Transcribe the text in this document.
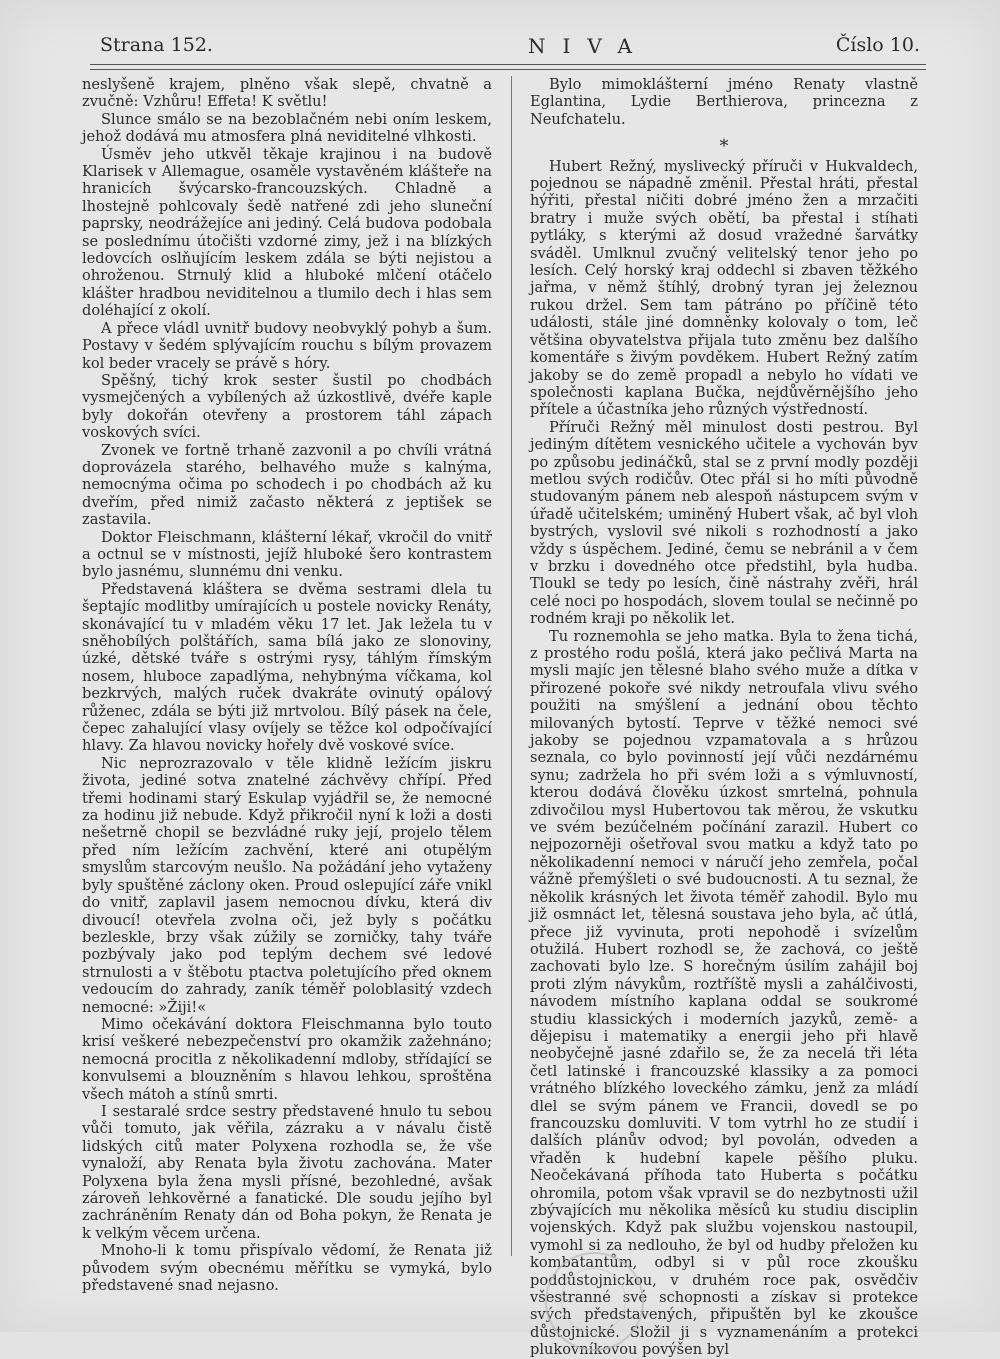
Strana 152.	NIVA	Číslo 10.

neslyšeně krajem, plněno však slepě, chvatně a zvučně: Vzhůru! Effeta! K světlu!

Slunce smálo se na bezoblačném nebi oním leskem, jehož dodává mu atmosfera plná neviditelné vlhkosti.

Úsměv jeho utkvěl těkaje krajinou i na budově Klarisek v Allemague, osaměle vystavěném klášteře na hranicích švýcarsko-francouzských. Chladně a lhostejně pohlcovaly šedě natřené zdi jeho sluneční paprsky, neodrážejíce ani jediný. Celá budova podobala se poslednímu útočišti vzdorné zimy, jež i na blízkých ledovcích oslňujícím leskem zdála se býti nejistou a ohroženou. Strnulý klid a hluboké mlčení otáčelo klášter hradbou neviditelnou a tlumilo dech i hlas sem doléhající z okolí.

A přece vládl uvnitř budovy neobvyklý pohyb a šum. Postavy v šedém splývajícím rouchu s bílým provazem kol beder vracely se právě s hóry.

Spěšný, tichý krok sester šustil po chodbách vysmejčených a vybílených až úzkostlivě, dvéře kaple byly dokořán otevřeny a prostorem táhl zápach voskových svíci.

Zvonek ve fortně trhaně zazvonil a po chvíli vrátná doprovázela starého, belhavého muže s kalnýma, nemocnýma očima po schodech i po chodbách až ku dveřím, před nimiž začasto některá z jeptišek se zastavila.

Doktor Fleischmann, klášterní lékař, vkročil do vnitř a octnul se v místnosti, jejíž hluboké šero kontrastem bylo jasnému, slunnému dni venku.

Představená kláštera se dvěma sestrami dlela tu šeptajíc modlitby umírajících u postele novicky Renáty, skonávající tu v mladém věku 17 let. Jak ležela tu v sněhobílých polštářích, sama bílá jako ze slonoviny, úzké, dětské tváře s ostrými rysy, táhlým římským nosem, hluboce zapadlýma, nehybnýma víčkama, kol bezkrvých, malých ruček dvakráte ovinutý opálový růženec, zdála se býti již mrtvolou. Bílý pásek na čele, čepec zahalující vlasy ovíjely se těžce kol odpočívající hlavy. Za hlavou novicky hořely dvě voskové svíce.

Nic neprozrazovalo v těle klidně ležícím jiskru života, jediné sotva znatelné záchvěvy chřípí. Před třemi hodinami starý Eskulap vyjádřil se, že nemocné za hodinu již nebude. Když přikročil nyní k loži a dosti nešetrně chopil se bezvládné ruky její, projelo tělem před ním ležícím zachvění, které ani otupělým smyslům starcovým neušlo. Na požádání jeho vytaženy byly spuštěné záclony oken. Proud oslepující záře vnikl do vnitř, zaplavil jasem nemocnou dívku, která div divoucí! otevřela zvolna oči, jež byly s počátku bezleskle, brzy však zúžily se zorničky, tahy tváře pozbývaly jako pod teplým dechem své ledové strnulosti a v štěbotu ptactva poletujícího před oknem vedoucím do zahrady, zaník téměř poloblasitý vzdech nemocné: »Žiji!«

Mimo očekávání doktora Fleischmanna bylo touto krisí veškeré nebezpečenství pro okamžik zažehnáno; nemocná procitla z několikadenní mdloby, střídající se konvulsemi a blouzněním s hlavou lehkou, sproštěna všech mátoh a stínů smrti.

I sestaralé srdce sestry představené hnulo tu sebou vůči tomuto, jak věřila, zázraku a v návalu čistě lidských citů mater Polyxena rozhodla se, že vše vynaloží, aby Renata byla životu zachována. Mater Polyxena byla žena mysli přísné, bezohledné, avšak zároveň lehkověrné a fanatické. Dle soudu jejího byl zachráněním Renaty dán od Boha pokyn, že Renata je k velkým věcem určena.

Mnoho-li k tomu přispívalo vědomí, že Renata již původem svým obecnému měřítku se vymyká, bylo představené snad nejasno.

Bylo mimoklášterní jméno Renaty vlastně Eglantina, Lydie Berthierova, princezna z Neufchatelu.

*

Hubert Režný, myslivecký příruči v Hukvaldech, pojednou se nápadně změnil. Přestal hráti, přestal hýřiti, přestal ničiti dobré jméno žen a mrzačiti bratry i muže svých obětí, ba přestal i stíhati pytláky, s kterými až dosud vražedné šarvátky sváděl. Umlknul zvučný velitelský tenor jeho po lesích. Celý horský kraj oddechl si zbaven těžkého jařma, v němž štíhlý, drobný tyran jej železnou rukou držel. Sem tam pátráno po příčině této události, stále jiné domněnky kolovaly o tom, leč většina obyvatelstva přijala tuto změnu bez dalšího komentáře s živým povděkem. Hubert Režný zatím jakoby se do země propadl a nebylo ho vídati ve společnosti kaplana Bučka, nejdůvěrnějšího jeho přítele a účastníka jeho různých výstředností.

Příruči Režný měl minulost dosti pestrou. Byl jediným dítětem vesnického učitele a vychován byv po způsobu jedináčků, stal se z první modly později metlou svých rodičův. Otec přál si ho míti původně studovaným pánem neb alespoň nástupcem svým v úřadě učitelském; uminěný Hubert však, ač byl vloh bystrých, vyslovil své nikoli s rozhodností a jako vždy s úspěchem. Jediné, čemu se nebránil a v čem v brzku i dovedného otce předstihl, byla hudba. Tloukl se tedy po lesích, čině nástrahy zvěři, hrál celé noci po hospodách, slovem toulal se nečinně po rodném kraji po několik let.

Tu roznemohla se jeho matka. Byla to žena tichá, z prostého rodu pošlá, která jako pečlivá Marta na mysli majíc jen tělesné blaho svého muže a dítka v přirozené pokoře své nikdy netroufala vlivu svého použiti na smýšlení a jednání obou těchto milovaných bytostí. Teprve v těžké nemoci své jakoby se pojednou vzpamatovala a s hrůzou seznala, co bylo povinností její vůči nezdárnému synu; zadržela ho při svém loži a s výmluvností, kterou dodává člověku úzkost smrtelná, pohnula zdivočilou mysl Hubertovou tak měrou, že vskutku ve svém bezúčelném počínání zarazil. Hubert co nejpozorněji ošetřoval svou matku a když tato po několikadenní nemoci v náručí jeho zemřela, počal vážně přemýšleti o své budoucnosti. A tu seznal, že několik krásných let života téměř zahodil. Bylo mu již osmnáct let, tělesná soustava jeho byla, ač útlá, přece již vyvinuta, proti nepohodě i svízelům otužilá. Hubert rozhodl se, že zachová, co ještě zachovati bylo lze. S horečným úsilím zahájil boj proti zlým návykům, roztříště mysli a zahálčivosti, návodem místního kaplana oddal se soukromé studiu klassických i moderních jazyků, země- a dějepisu i matematiky a energii jeho při hlavě neobyčejně jasné zdařilo se, že za necelá tři léta četl latinské i francouzské klassiky a za pomoci vrátného blízkého loveckého zámku, jenž za mládí dlel se svým pánem ve Francii, dovedl se po francouzsku domluviti. V tom vytrhl ho ze studií i dalších plánův odvod; byl povolán, odveden a vřaděn k hudební kapele pěšího pluku. Neočekávaná příhoda tato Huberta s počátku ohromila, potom však vpravil se do nezbytnosti užil zbývajících mu několika měsíců ku studiu disciplin vojenských. Když pak službu vojenskou nastoupil, vymohl si za nedlouho, že byl od hudby přeložen ku kombatantům, odbyl si v půl roce zkoušku poddůstojnickou, v druhém roce pak, osvědčiv všestranné své schopnosti a získav si protekce svých představených, připuštěn byl ke zkoušce důstojnické. Složil ji s vyznamenáním a protekci plukovníkovou povýšen byl
